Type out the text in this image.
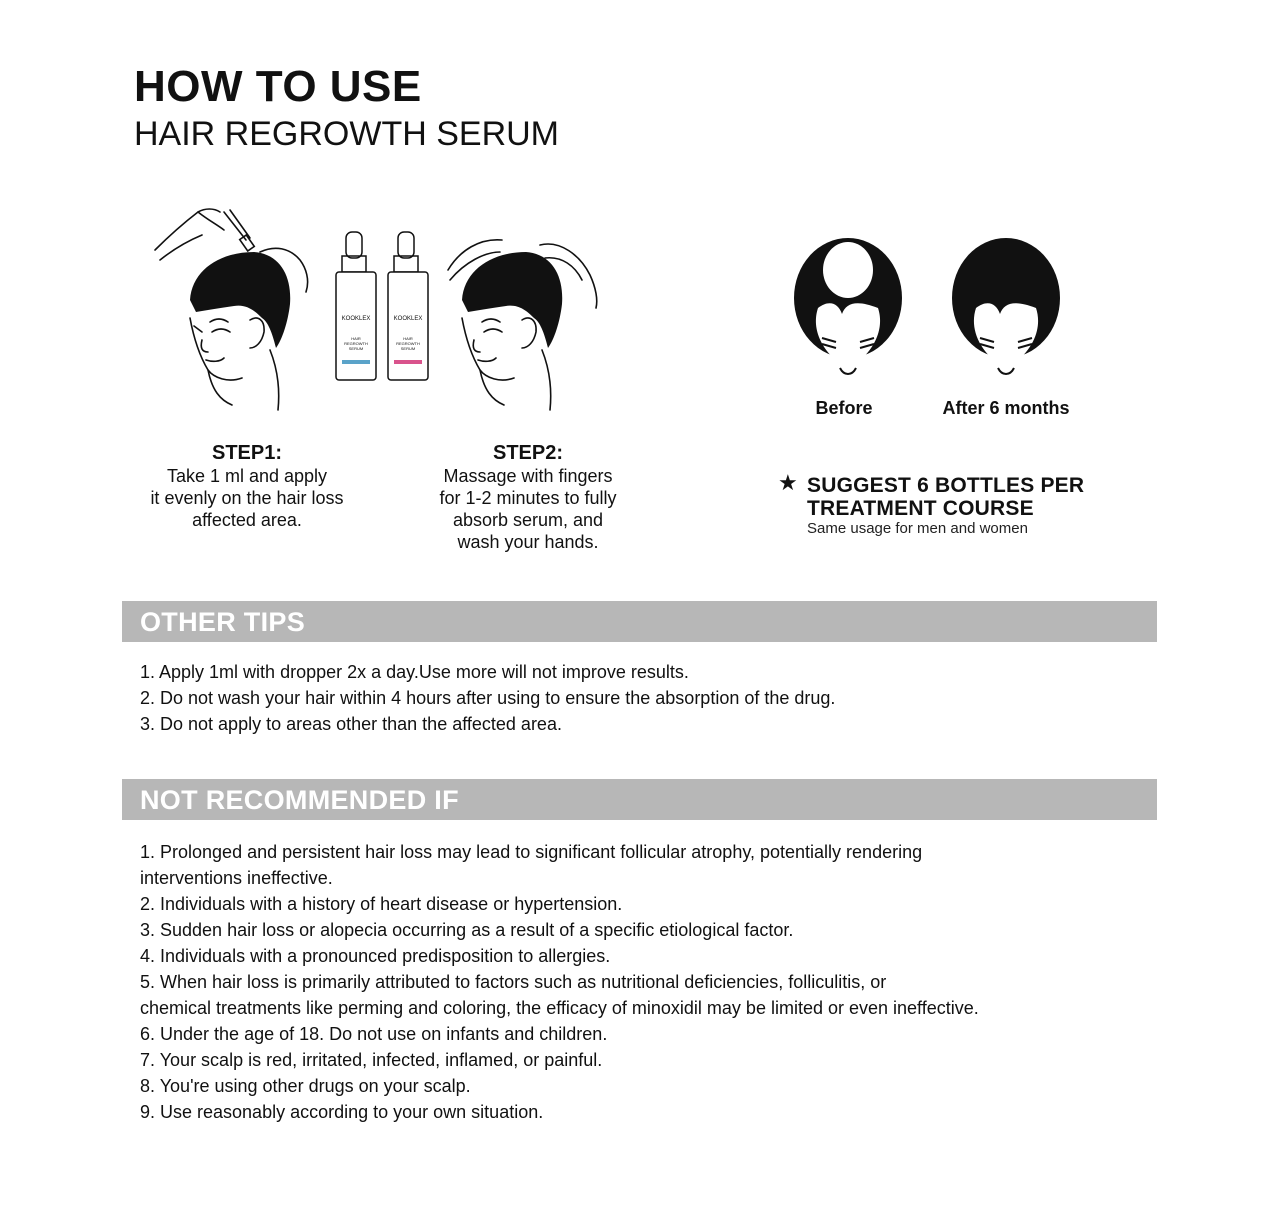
HOW TO USE
HAIR REGROWTH SERUM
KOOKLEX	KOOKLEX
HAIR
REGROWTH
SERUM
HAIR
REGROWTH
SERUM
Before	After 6 months
STEP1:
Take 1 ml and apply
it evenly on the hair loss
affected area.
STEP2:
Massage with fingers
for 1-2 minutes to fully
absorb serum, and
wash your hands.
★ SUGGEST 6 BOTTLES PER
TREATMENT COURSE
Same usage for men and women
OTHER TIPS
1. Apply 1ml with dropper 2x a day.Use more will not improve results.
2. Do not wash your hair within 4 hours after using to ensure the absorption of the drug.
3. Do not apply to areas other than the affected area.
NOT RECOMMENDED IF
1. Prolonged and persistent hair loss may lead to significant follicular atrophy, potentially rendering
interventions ineffective.
2. Individuals with a history of heart disease or hypertension.
3. Sudden hair loss or alopecia occurring as a result of a specific etiological factor.
4. Individuals with a pronounced predisposition to allergies.
5. When hair loss is primarily attributed to factors such as nutritional deficiencies, folliculitis, or
chemical treatments like perming and coloring, the efficacy of minoxidil may be limited or even ineffective.
6. Under the age of 18. Do not use on infants and children.
7. Your scalp is red, irritated, infected, inflamed, or painful.
8. You're using other drugs on your scalp.
9. Use reasonably according to your own situation.
